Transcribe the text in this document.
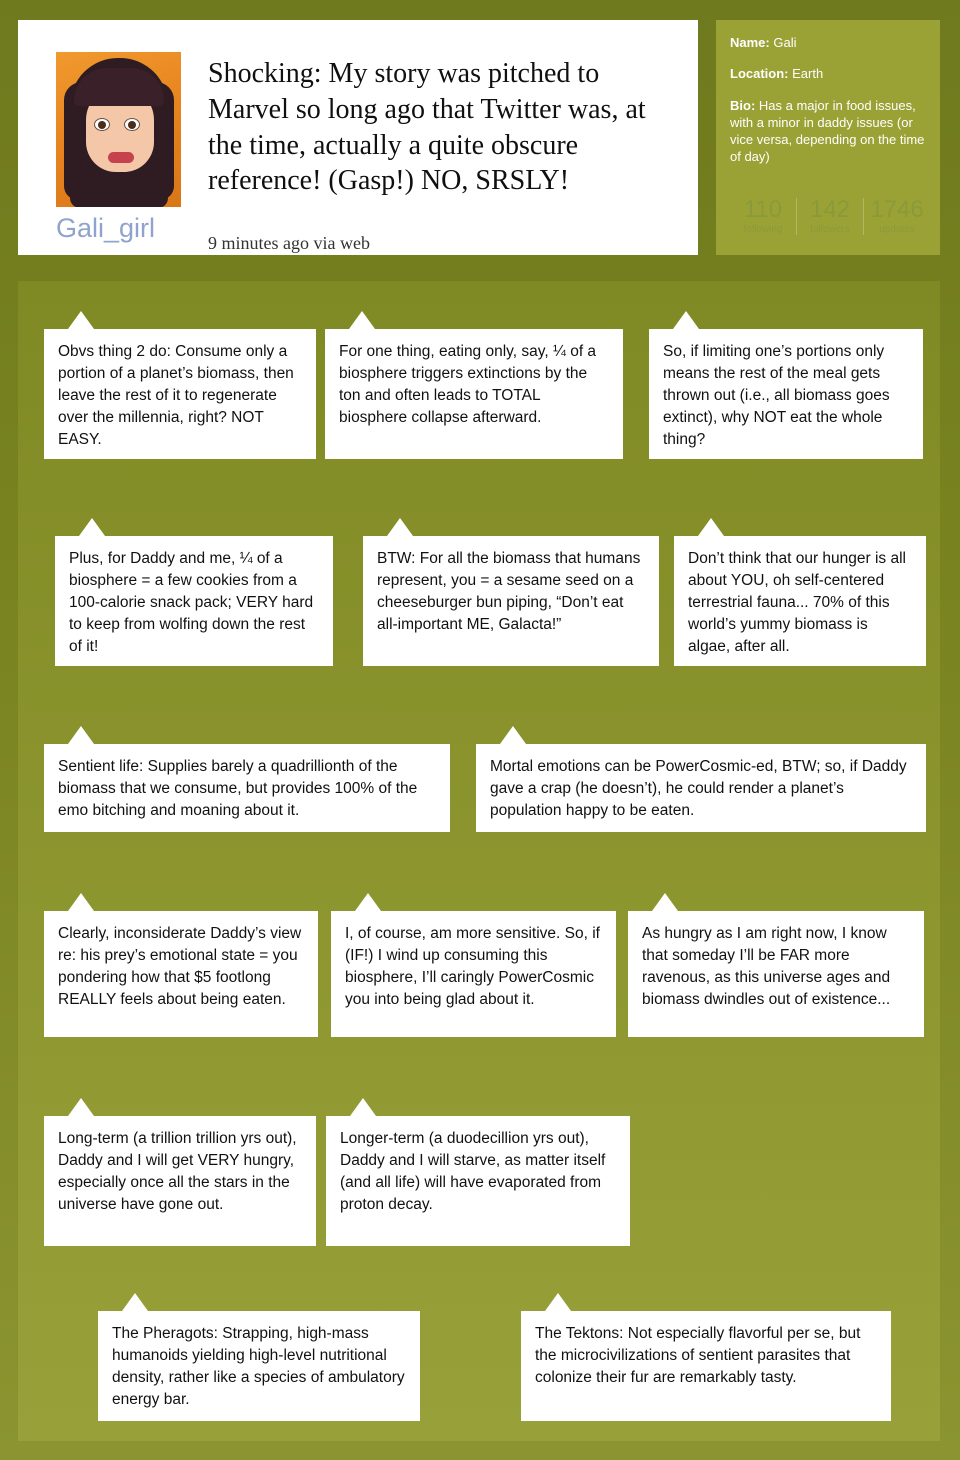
Gali_girl
Shocking: My story was pitched to Marvel so long ago that Twitter was, at the time, actually a quite obscure reference! (Gasp!) NO, SRSLY!
9 minutes ago via web
Name: Gali
Location: Earth
Bio: Has a major in food issues, with a minor in daddy issues (or vice versa, depending on the time of day)
110
following
142
followers
1746
updates
Obvs thing 2 do: Consume only a portion of a planet’s biomass, then leave the rest of it to regenerate over the millennia, right? NOT EASY.
For one thing, eating only, say, ¼ of a biosphere triggers extinctions by the ton and often leads to TOTAL biosphere collapse afterward.
So, if limiting one’s portions only means the rest of the meal gets thrown out (i.e., all biomass goes extinct), why NOT eat the whole thing?
Plus, for Daddy and me, ¼ of a biosphere = a few cookies from a 100-calorie snack pack; VERY hard to keep from wolfing down the rest of it!
BTW: For all the biomass that humans represent, you = a sesame seed on a cheeseburger bun piping, “Don’t eat all-important ME, Galacta!”
Don’t think that our hunger is all about YOU, oh self-centered terrestrial fauna... 70% of this world’s yummy biomass is algae, after all.
Sentient life: Supplies barely a quadrillionth of the biomass that we consume, but provides 100% of the emo bitching and moaning about it.
Mortal emotions can be PowerCosmic-ed, BTW; so, if Daddy gave a crap (he doesn’t), he could render a planet’s population happy to be eaten.
Clearly, inconsiderate Daddy’s view re: his prey’s emotional state = you pondering how that $5 footlong REALLY feels about being eaten.
I, of course, am more sensitive. So, if (IF!) I wind up consuming this biosphere, I’ll caringly PowerCosmic you into being glad about it.
As hungry as I am right now, I know that someday I’ll be FAR more ravenous, as this universe ages and biomass dwindles out of existence...
Long-term (a trillion trillion yrs out), Daddy and I will get VERY hungry, especially once all the stars in the universe have gone out.
Longer-term (a duodecillion yrs out), Daddy and I will starve, as matter itself (and all life) will have evaporated from proton decay.
The Pheragots: Strapping, high-mass humanoids yielding high-level nutritional density, rather like a species of ambulatory energy bar.
The Tektons: Not especially flavorful per se, but the microcivilizations of sentient parasites that colonize their fur are remarkably tasty.
